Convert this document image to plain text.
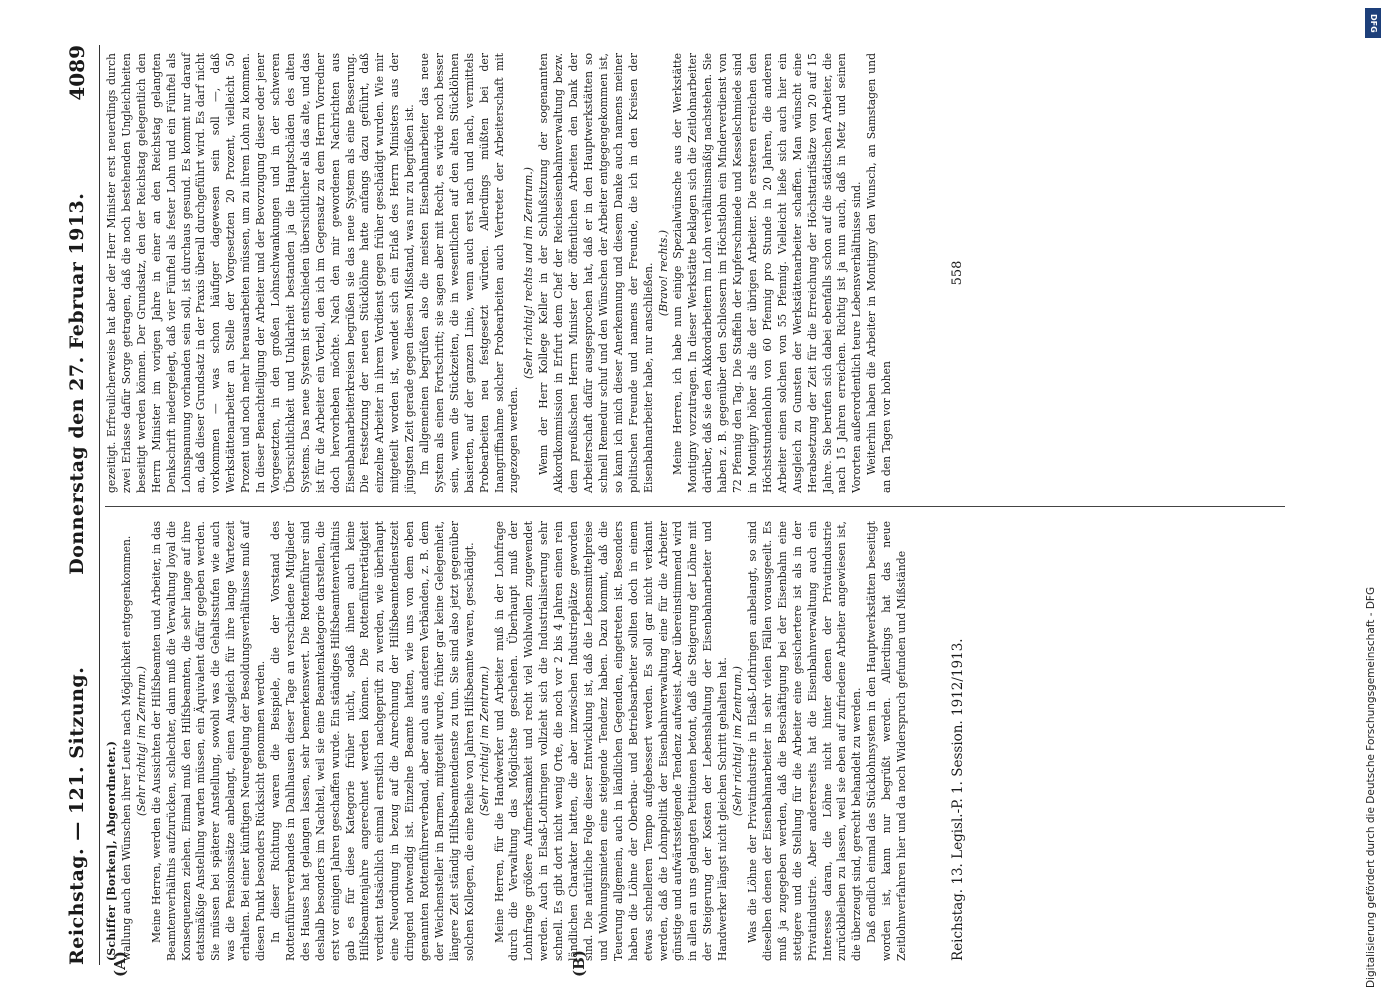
Reichstag. — 121. Sitzung.
Donnerstag den 27. Februar 1913.
4089
(A)	(B)

(Schiffer [Borken], Abgeordneter.) wallung auch den Wünschen ihrer Leute nach Möglichkeit entgegenkommen. (Sehr richtig! im Zentrum.) Meine Herren, werden die Aussichten der Hilfsbeamten und Arbeiter, in das Beamtenverhältnis aufzurücken, schlechter, dann muß die Verwaltung loyal die Konsequenzen ziehen. Einmal muß den Hilfsbeamten, die sehr lange auf ihre etatsmäßige Anstellung warten müssen, ein Äquivalent dafür gegeben werden. Sie müssen bei späterer Anstellung, sowohl was die Gehaltsstufen wie auch was die Pensionssätze anbelangt, einen Ausgleich für ihre lange Wartezeit erhalten. Bei einer künftigen Neuregelung der Besoldungsverhältnisse muß auf diesen Punkt besonders Rücksicht genommen werden. In dieser Richtung waren die Beispiele, die der Vorstand des Rottenführerverbandes in Dahlhausen dieser Tage an verschiedene Mitglieder des Hauses hat gelangen lassen, sehr bemerkenswert. Die Rottenführer sind deshalb besonders im Nachteil, weil sie eine Beamtenkategorie darstellen, die erst vor einigen Jahren geschaffen wurde. Ein ständiges Hilfsbeamtenverhältnis gab es für diese Kategorie früher nicht, sodaß ihnen auch keine Hilfsbeamtenjahre angerechnet werden können. Die Rottenführertätigkeit verdient tatsächlich einmal ernstlich nachgeprüft zu werden, wie überhaupt eine Neuordnung in bezug auf die Anrechnung der Hilfsbeamtendienstzeit dringend notwendig ist. Einzelne Beamte hatten, wie uns von dem eben genannten Rottenführerverband, aber auch aus anderen Verbänden, z. B. dem der Weichensteller in Barmen, mitgeteilt wurde, früher gar keine Gelegenheit, längere Zeit ständig Hilfsbeamtendienste zu tun. Sie sind also jetzt gegenüber solchen Kollegen, die eine Reihe von Jahren Hilfsbeamte waren, geschädigt. (Sehr richtig! im Zentrum.) Meine Herren, für die Handwerker und Arbeiter muß in der Lohnfrage durch die Verwaltung das Möglichste geschehen. Überhaupt muß der Lohnfrage größere Aufmerksamkeit und recht viel Wohlwollen zugewendet werden. Auch in Elsaß-Lothringen vollzieht sich die Industrialisierung sehr schnell. Es gibt dort nicht wenig Orte, die noch vor 2 bis 4 Jahren einen rein ländlichen Charakter hatten, die aber inzwischen Industrieplätze geworden sind. Die natürliche Folge dieser Entwicklung ist, daß die Lebensmittelpreise und Wohnungsmieten eine steigende Tendenz haben. Dazu kommt, daß die Teuerung allgemein, auch in ländlichen Gegenden, eingetreten ist. Besonders haben die Löhne der Oberbau- und Betriebsarbeiter sollten doch in einem etwas schnelleren Tempo aufgebessert werden. Es soll gar nicht verkannt werden, daß die Lohnpolitik der Eisenbahnverwaltung eine für die Arbeiter günstige und aufwärtssteigende Tendenz aufweist. Aber übereinstimmend wird in allen an uns gelangten Petitionen betont, daß die Steigerung der Löhne mit der Steigerung der Kosten der Lebenshaltung der Eisenbahnarbeiter und Handwerker längst nicht gleichen Schritt gehalten hat. (Sehr richtig! im Zentrum.) Was die Löhne der Privatindustrie in Elsaß-Lothringen anbelangt, so sind dieselben denen der Eisenbahnarbeiter in sehr vielen Fällen vorausgeeilt. Es muß ja zugegeben werden, daß die Beschäftigung bei der Eisenbahn eine stetigere und die Stellung für die Arbeiter eine gesichertere ist als in der Privatindustrie. Aber andererseits hat die Eisenbahnverwaltung auch ein Interesse daran, die Löhne nicht hinter denen der Privatindustrie zurückbleiben zu lassen, weil sie eben auf zufriedene Arbeiter angewiesen ist, die überzeugt sind, gerecht behandelt zu werden. Daß endlich einmal das Stücklohnsystem in den Hauptwerkstätten beseitigt worden ist, kann nur begrüßt werden. Allerdings hat das neue Zeitlohnverfahren hier und da noch Widerspruch gefunden und Mißstände

gezeitigt. Erfreulicherweise hat aber der Herr Minister erst neuerdings durch zwei Erlasse dafür Sorge getragen, daß die noch bestehenden Ungleichheiten beseitigt werden können. Der Grundsatz, den der Reichstag gelegentlich den Herrn Minister im vorigen Jahre in einer an den Reichstag gelangten Denkschrift niedergelegt, daß vier Fünftel als fester Lohn und ein Fünftel als Lohnspannung vorhanden sein soll, ist durchaus gesund. Es kommt nur darauf an, daß dieser Grundsatz in der Praxis überall durchgeführt wird. Es darf nicht vorkommen — was schon häufiger dagewesen sein soll —, daß Werkstättenarbeiter an Stelle der Vorgesetzten 20 Prozent, vielleicht 50 Prozent und noch mehr herausarbeiten müssen, um zu ihrem Lohn zu kommen. In dieser Benachteiligung der Arbeiter und der Bevorzugung dieser oder jener Vorgesetzten, in den großen Lohnschwankungen und in der schweren Übersichtlichkeit und Unklarheit bestanden ja die Hauptschäden des alten Systems. Das neue System ist entschieden übersichtlicher als das alte, und das ist für die Arbeiter ein Vorteil, den ich im Gegensatz zu dem Herrn Vorredner doch hervorheben möchte. Nach den mir gewordenen Nachrichten aus Eisenbahnarbeiterkreisen begrüßen sie das neue System als eine Besserung. Die Festsetzung der neuen Stücklöhne hatte anfangs dazu geführt, daß einzelne Arbeiter in ihrem Verdienst gegen früher geschädigt wurden. Wie mir mitgeteilt worden ist, wendet sich ein Erlaß des Herrn Ministers aus der jüngsten Zeit gerade gegen diesen Mißstand, was nur zu begrüßen ist. Im allgemeinen begrüßen also die meisten Eisenbahnarbeiter das neue System als einen Fortschritt; sie sagen aber mit Recht, es würde noch besser sein, wenn die Stückzeiten, die in wesentlichen auf den alten Stücklöhnen basierten, auf der ganzen Linie, wenn auch erst nach und nach, vermittels Probearbeiten neu festgesetzt würden. Allerdings müßten bei der Inangriffnahme solcher Probearbeiten auch Vertreter der Arbeiterschaft mit zugezogen werden.

(Sehr richtig! rechts und im Zentrum.) Wenn der Herr Kollege Keller in der Schlußsitzung der sogenannten Akkordkommission in Erfurt dem Chef der Reichseisenbahnverwaltung bezw. dem preußischen Herrn Minister der öffentlichen Arbeiten den Dank der Arbeiterschaft dafür ausgesprochen hat, daß er in den Hauptwerkstätten so schnell Remedur schuf und den Wünschen der Arbeiter entgegengekommen ist, so kann ich mich dieser Anerkennung und diesem Danke auch namens meiner politischen Freunde und namens der Freunde, die ich in den Kreisen der Eisenbahnarbeiter habe, nur anschließen. (Bravo! rechts.) Meine Herren, ich habe nun einige Spezialwünsche aus der Werkstätte Montigny vorzutragen. In dieser Werkstätte beklagen sich die Zeitlohnarbeiter darüber, daß sie den Akkordarbeitern im Lohn verhältnismäßig nachstehen. Sie haben z. B. gegenüber den Schlossern im Höchstlohn ein Minderverdienst von 72 Pfennig den Tag. Die Staffeln der Kupferschmiede und Kesselschmiede sind in Montigny höher als die der übrigen Arbeiter. Die ersteren erreichen den Höchststundenlohn von 60 Pfennig pro Stunde in 20 Jahren, die anderen Arbeiter einen solchen von 55 Pfennig. Vielleicht ließe sich auch hier ein Ausgleich zu Gunsten der Werkstättenarbeiter schaffen. Man wünscht eine Herabsetzung der Zeit für die Erreichung der Höchsttarifsätze von 20 auf 15 Jahre. Sie berufen sich dabei ebenfalls schon auf die städtischen Arbeiter, die nach 15 Jahren erreichen. Richtig ist ja nun auch, daß in Metz und seinen Vororten außerordentlich teure Lebensverhältnisse sind. Weiterhin haben die Arbeiter in Montigny den Wunsch, an Samstagen und an den Tagen vor hohen

Reichstag. 13. Legisl.-P. 1. Session. 1912/1913.
558
Digitalisierung gefördert durch die Deutsche Forschungsgemeinschaft - DFG
DFG
